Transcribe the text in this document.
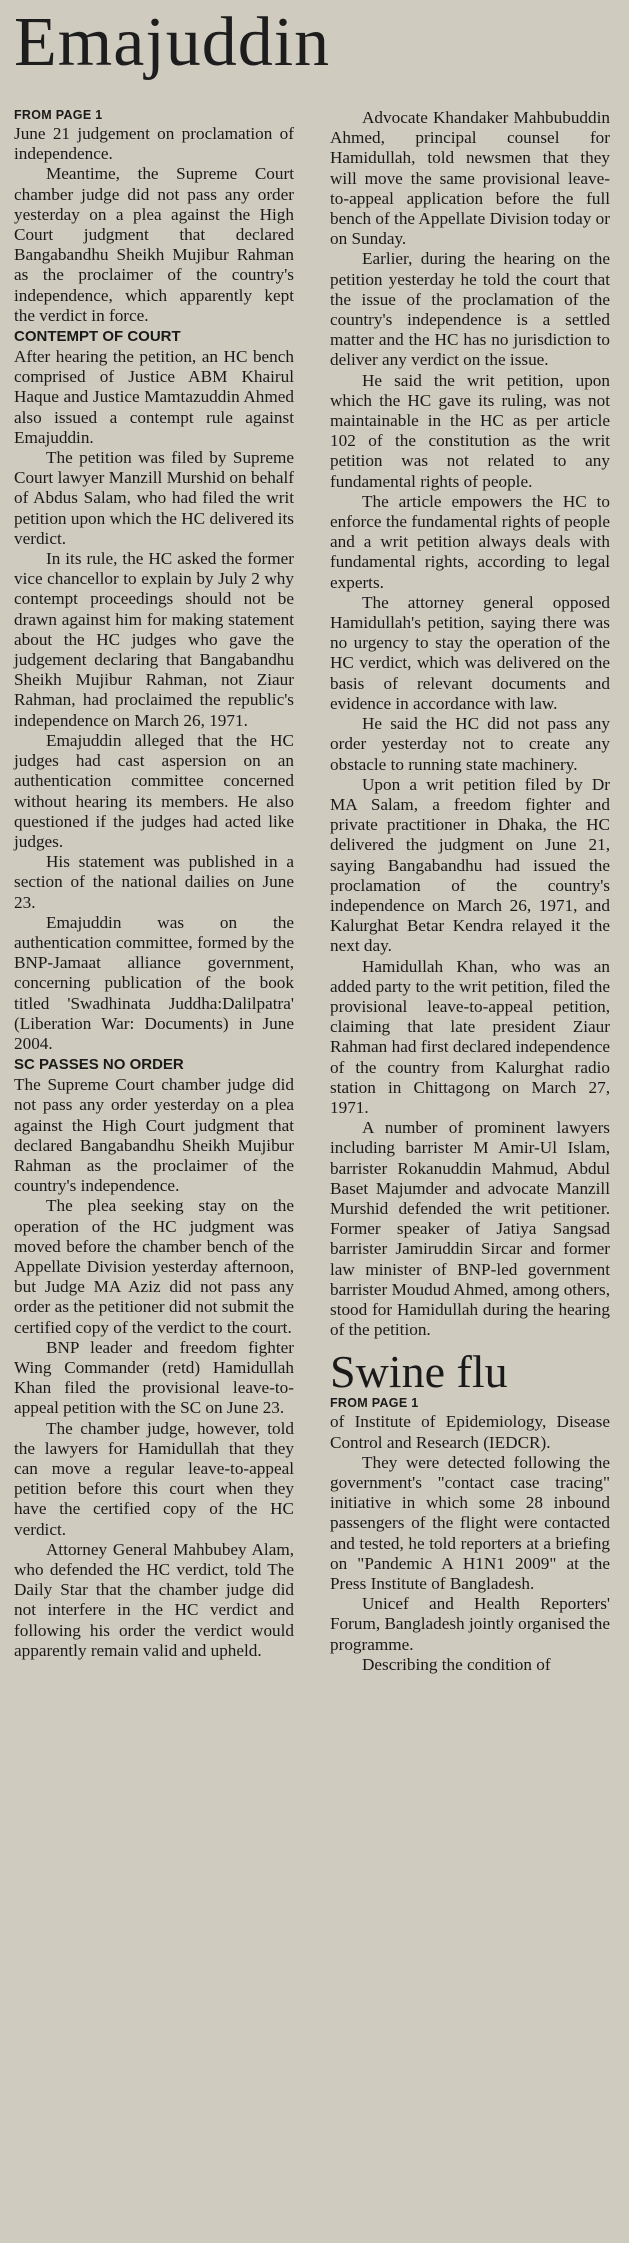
Emajuddin
FROM PAGE 1

June 21 judgement on proclamation of independence.

Meantime, the Supreme Court chamber judge did not pass any order yesterday on a plea against the High Court judgment that declared Bangabandhu Sheikh Mujibur Rahman as the proclaimer of the country's independence, which apparently kept the verdict in force.

CONTEMPT OF COURT

After hearing the petition, an HC bench comprised of Justice ABM Khairul Haque and Justice Mamtazuddin Ahmed also issued a contempt rule against Emajuddin.

The petition was filed by Supreme Court lawyer Manzill Murshid on behalf of Abdus Salam, who had filed the writ petition upon which the HC delivered its verdict.

In its rule, the HC asked the former vice chancellor to explain by July 2 why contempt proceedings should not be drawn against him for making statement about the HC judges who gave the judgement declaring that Bangabandhu Sheikh Mujibur Rahman, not Ziaur Rahman, had proclaimed the republic's independence on March 26, 1971.

Emajuddin alleged that the HC judges had cast aspersion on an authentication committee concerned without hearing its members. He also questioned if the judges had acted like judges.

His statement was published in a section of the national dailies on June 23.

Emajuddin was on the authentication committee, formed by the BNP-Jamaat alliance government, concerning publication of the book titled 'Swadhinata Juddha:Dalilpatra' (Liberation War: Documents) in June 2004.

SC PASSES NO ORDER

The Supreme Court chamber judge did not pass any order yesterday on a plea against the High Court judgment that declared Bangabandhu Sheikh Mujibur Rahman as the proclaimer of the country's independence.

The plea seeking stay on the operation of the HC judgment was moved before the chamber bench of the Appellate Division yesterday afternoon, but Judge MA Aziz did not pass any order as the petitioner did not submit the certified copy of the verdict to the court.

BNP leader and freedom fighter Wing Commander (retd) Hamidullah Khan filed the provisional leave-to-appeal petition with the SC on June 23.

The chamber judge, however, told the lawyers for Hamidullah that they can move a regular leave-to-appeal petition before this court when they have the certified copy of the HC verdict.

Attorney General Mahbubey Alam, who defended the HC verdict, told The Daily Star that the chamber judge did not interfere in the HC verdict and following his order the verdict would apparently remain valid and upheld.

Advocate Khandaker Mahbubuddin Ahmed, principal counsel for Hamidullah, told newsmen that they will move the same provisional leave-to-appeal application before the full bench of the Appellate Division today or on Sunday.

Earlier, during the hearing on the petition yesterday he told the court that the issue of the proclamation of the country's independence is a settled matter and the HC has no jurisdiction to deliver any verdict on the issue.

He said the writ petition, upon which the HC gave its ruling, was not maintainable in the HC as per article 102 of the constitution as the writ petition was not related to any fundamental rights of people.

The article empowers the HC to enforce the fundamental rights of people and a writ petition always deals with fundamental rights, according to legal experts.

The attorney general opposed Hamidullah's petition, saying there was no urgency to stay the operation of the HC verdict, which was delivered on the basis of relevant documents and evidence in accordance with law.

He said the HC did not pass any order yesterday not to create any obstacle to running state machinery.

Upon a writ petition filed by Dr MA Salam, a freedom fighter and private practitioner in Dhaka, the HC delivered the judgment on June 21, saying Bangabandhu had issued the proclamation of the country's independence on March 26, 1971, and Kalurghat Betar Kendra relayed it the next day.

Hamidullah Khan, who was an added party to the writ petition, filed the provisional leave-to-appeal petition, claiming that late president Ziaur Rahman had first declared independence of the country from Kalurghat radio station in Chittagong on March 27, 1971.

A number of prominent lawyers including barrister M Amir-Ul Islam, barrister Rokanuddin Mahmud, Abdul Baset Majumder and advocate Manzill Murshid defended the writ petitioner. Former speaker of Jatiya Sangsad barrister Jamiruddin Sircar and former law minister of BNP-led government barrister Moudud Ahmed, among others, stood for Hamidullah during the hearing of the petition.

Swine flu
FROM PAGE 1

of Institute of Epidemiology, Disease Control and Research (IEDCR).

They were detected following the government's "contact case tracing" initiative in which some 28 inbound passengers of the flight were contacted and tested, he told reporters at a briefing on "Pandemic A H1N1 2009" at the Press Institute of Bangladesh.

Unicef and Health Reporters' Forum, Bangladesh jointly organised the programme.

Describing the condition of
